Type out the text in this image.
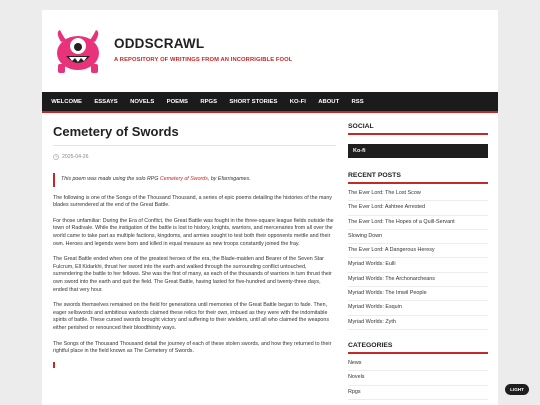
ODDSCRAWL
A REPOSITORY OF WRITINGS FROM AN INCORRIGIBLE FOOL
WELCOME	ESSAYS	NOVELS	POEMS	RPGS	SHORT STORIES	KO-FI	ABOUT	RSS
Cemetery of Swords
2025-04-26
This poem was made using the solo RPG Cemetery of Swords, by Efarrisgames.

The following is one of the Songs of the Thousand Thousand, a series of epic poems detailing the histories of the many blades surrendered at the end of the Great Battle.

For those unfamiliar: During the Era of Conflict, the Great Battle was fought in the three-square league fields outside the town of Radivale. While the instigation of the battle is lost to history, knights, warriors, and mercenaries from all over the world came to take part as multiple factions, kingdoms, and armies sought to test both their opponents mettle and their own. Heroes and legends were born and killed in equal measure as new troops constantly joined the fray.

The Great Battle ended when one of the greatest heroes of the era, the Blade-maiden and Bearer of the Seven Star Fulcrum, Ell Kidarkhi, thrust her sword into the earth and walked through the surrounding conflict untouched, surrendering the battle to her fellows. She was the first of many, as each of the thousands of warriors in turn thrust their own sword into the earth and quit the field. The Great Battle, having lasted for five-hundred and twenty-three days, ended that very hour.

The swords themselves remained on the field for generations until memories of the Great Battle began to fade. Then, eager sellswords and ambitious warlords claimed these relics for their own, imbued as they were with the indomitable spirits of battle. These cursed swords brought victory and suffering to their wielders, until all who claimed the weapons either perished or renounced their bloodthirsty ways.

The Songs of the Thousand Thousand detail the journey of each of these stolen swords, and how they returned to their rightful place in the field known as The Cemetery of Swords.

SOCIAL
Ko-fi
RECENT POSTS
The Ever Lord: The Lost Scow
The Ever Lord: Ashtree Arrested
The Ever Lord: The Hopes of a Quill-Servant
Slowing Down
The Ever Lord: A Dangerous Heresy
Myriad Worlds: Eulli
Myriad Worlds: The Archonarcheans
Myriad Worlds: The Imwil People
Myriad Worlds: Esquin
Myriad Worlds: Zyth
CATEGORIES
News
Novels
Rpgs	LIGHT
